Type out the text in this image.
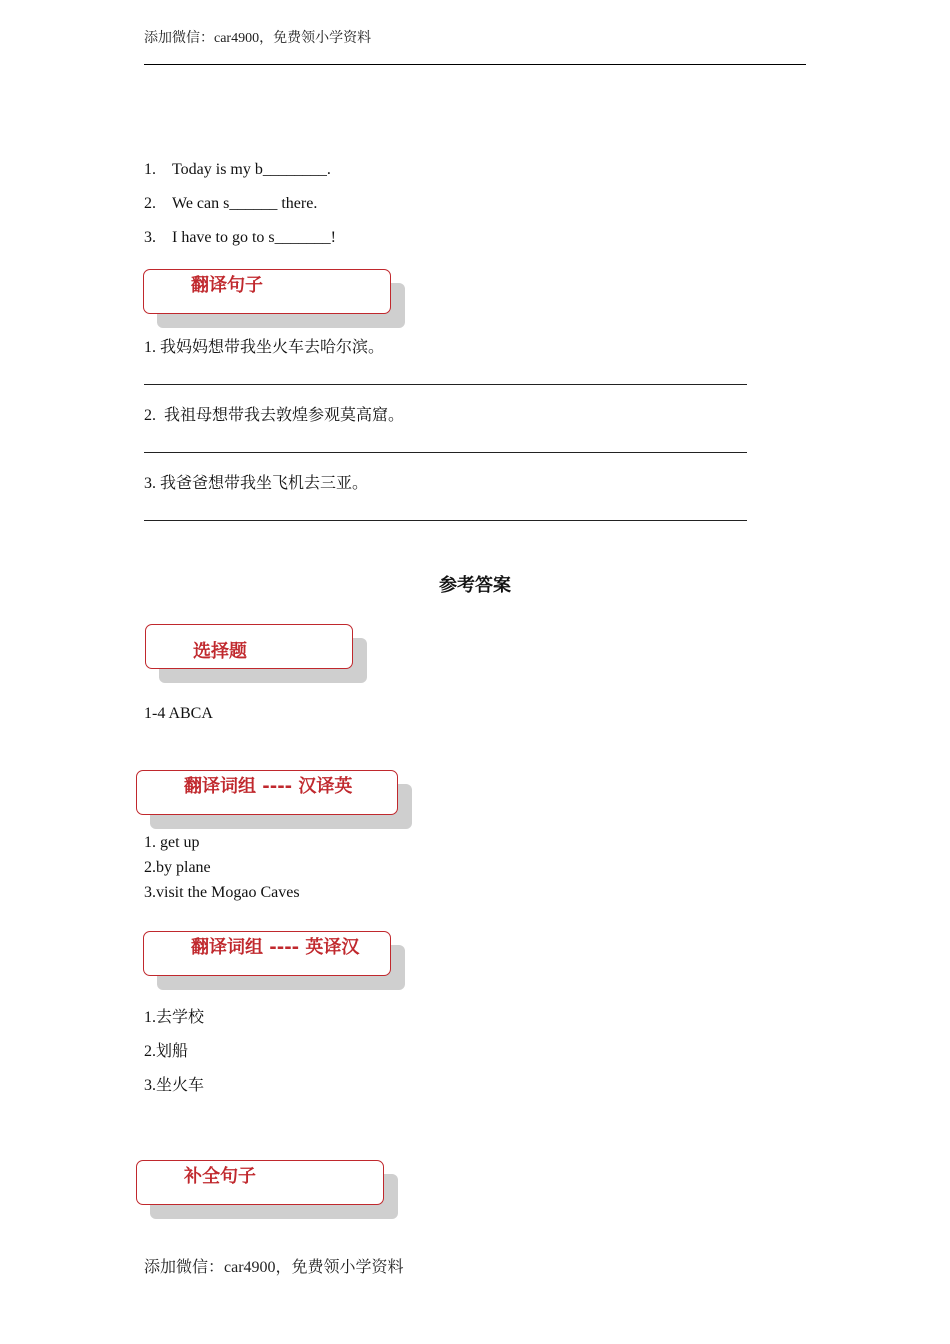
添加微信：car4900，免费领小学资料
1. Today is my b________.
2. We can s______ there.
3. I have to go to s_______!
翻译句子
1. 我妈妈想带我坐火车去哈尔滨。
2.  我祖母想带我去敦煌参观莫高窟。
3. 我爸爸想带我坐飞机去三亚。
参考答案
选择题
1-4 ABCA
翻译词组 ---- 汉译英
1. get up
2.by plane
3.visit the Mogao Caves
翻译词组 ---- 英译汉
1.去学校
2.划船
3.坐火车
补全句子
添加微信：car4900，免费领小学资料
